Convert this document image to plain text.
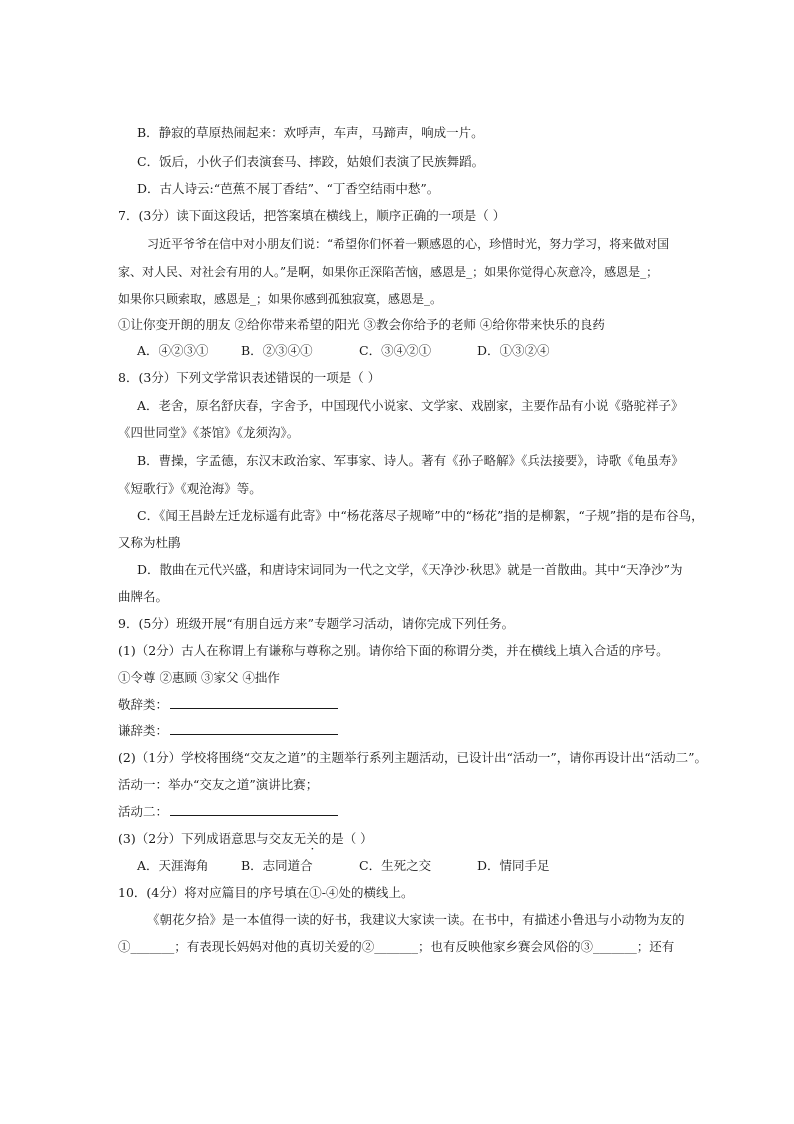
B．静寂的草原热闹起来：欢呼声，车声，马蹄声，响成一片。
C．饭后，小伙子们表演套马、摔跤，姑娘们表演了民族舞蹈。
D．古人诗云:“芭蕉不展丁香结”、“丁香空结雨中愁”。
7．(3分）读下面这段话，把答案填在横线上，顺序正确的一项是（ ）
习近平爷爷在信中对小朋友们说：“希望你们怀着一颗感恩的心，珍惜时光，努力学习，将来做对国
家、对人民、对社会有用的人。”是啊，如果你正深陷苦恼，感恩是_；如果你觉得心灰意冷，感恩是_；
如果你只顾索取，感恩是_；如果你感到孤独寂寞，感恩是_。
①让你变开朗的朋友 ②给你带来希望的阳光 ③教会你给予的老师 ④给你带来快乐的良药
A．④②③①	B．②③④①	C．③④②①	D．①③②④
8．(3分）下列文学常识表述错误的一项是（ ）
A．老舍，原名舒庆春，字舍予，中国现代小说家、文学家、戏剧家，主要作品有小说《骆驼祥子》
《四世同堂》《茶馆》《龙须沟》。
B．曹操，字孟德，东汉末政治家、军事家、诗人。著有《孙子略解》《兵法接要》，诗歌《龟虽寿》
《短歌行》《观沧海》等。
C．《闻王昌龄左迁龙标遥有此寄》中“杨花落尽子规啼”中的“杨花”指的是柳絮，“子规”指的是布谷鸟，
又称为杜鹃
D．散曲在元代兴盛，和唐诗宋词同为一代之文学，《天净沙·秋思》就是一首散曲。其中“天净沙”为
曲牌名。
9．(5分）班级开展“有朋自远方来”专题学习活动，请你完成下列任务。
(1)（2分）古人在称谓上有谦称与尊称之别。请你给下面的称谓分类，并在横线上填入合适的序号。
①令尊 ②惠顾 ③家父 ④拙作
敬辞类：
谦辞类：
(2)（1分）学校将围绕“交友之道”的主题举行系列主题活动，已设计出“活动一”，请你再设计出“活动二”。
活动一：举办“交友之道”演讲比赛；
活动二：
(3)（2分）下列成语意思与交友无关的是（ ）
A．天涯海角	B．志同道合	C．生死之交	D．情同手足
10．(4分）将对应篇目的序号填在①-④处的横线上。
《朝花夕拾》是一本值得一读的好书，我建议大家读一读。在书中，有描述小鲁迅与小动物为友的
①_______；有表现长妈妈对他的真切关爱的②_______；也有反映他家乡赛会风俗的③_______；还有
